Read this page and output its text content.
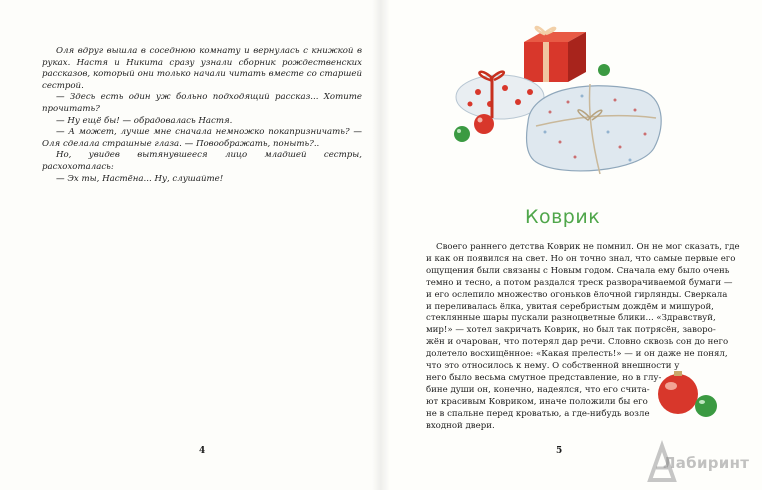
Оля вдруг вышла в соседнюю комнату и вернулась с книжкой в руках. Настя и Никита сразу узнали сборник рождественских рассказов, который они только начали читать вместе со старшей сестрой.

— Здесь есть один уж больно подходящий рассказ... Хотите прочитать?

— Ну ещё бы! — обрадовалась Настя.

— А может, лучше мне сначала немножко покапризничать? — Оля сделала страшные глаза. — Повоображать, поныть?..

Но, увидев вытянувшееся лицо младшей сестры, расхохоталась:

— Эх ты, Настёна... Ну, слушайте!

4
Коврик
Своего раннего детства Коврик не помнил. Он не мог сказать, где
и как он появился на свет. Но он точно знал, что самые первые его
ощущения были связаны с Новым годом. Сначала ему было очень
темно и тесно, а потом раздался треск разворачиваемой бумаги —
и его ослепило множество огоньков ёлочной гирлянды. Сверкала
и переливалась ёлка, увитая серебристым дождём и мишурой,
стеклянные шары пускали разноцветные блики... «Здравствуй,
мир!» — хотел закричать Коврик, но был так потрясён, заворо-
жён и очарован, что потерял дар речи. Словно сквозь сон до него
долетело восхищённое: «Какая прелесть!» — и он даже не понял,
что это относилось к нему. О собственной внешности у
него было весьма смутное представление, но в глу-
бине души он, конечно, надеялся, что его счита-
ют красивым Ковриком, иначе положили бы его
не в спальне перед кроватью, а где-нибудь возле
входной двери.
5
Лабиринт
